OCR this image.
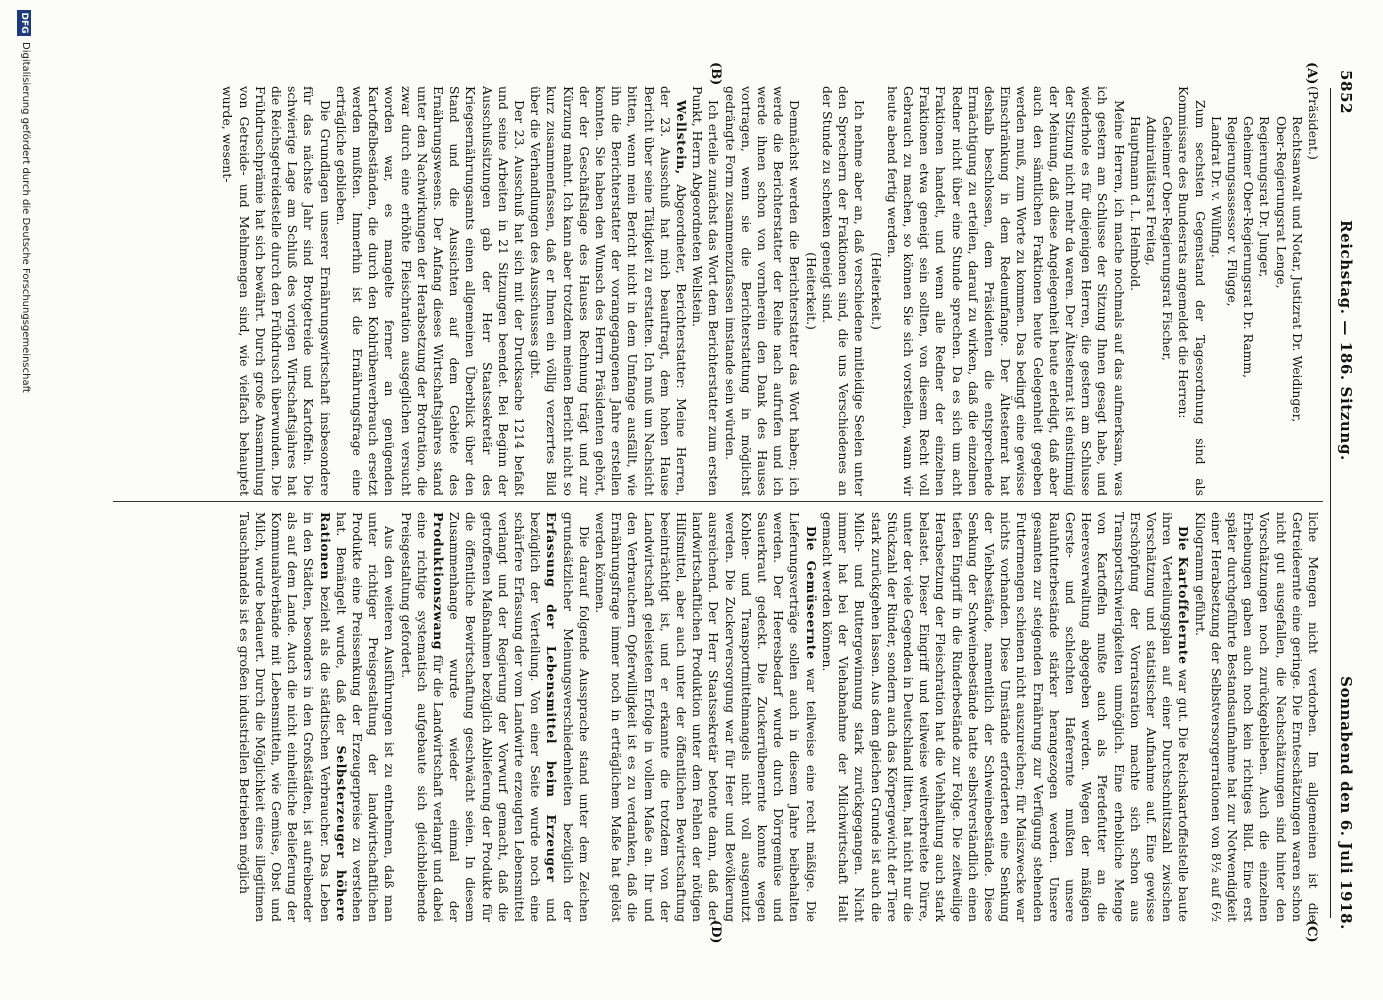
5852
Reichstag. — 186. Sitzung.
Sonnabend den 6. Juli 1918.
(A)
(B)
(C)
(D)

(Präsident.)

Rechtsanwalt und Notar, Justizrat Dr. Weidinger,

Ober-Regierungsrat Lenge,

Regierungsrat Dr. Junger,

Geheimer Ober-Regierungsrat Dr. Ramm,

Regierungsassessor v. Flügge,

Landrat Dr. v. Wülfing.

Zum sechsten Gegenstand der Tagesordnung sind als Kommissare des Bundesrats angemeldet die Herren:

Geheimer Ober-Regierungsrat Fischer,

Admiralitätsrat Freitag,

Hauptmann d. L. Helmbold.

Meine Herren, ich mache nochmals auf das aufmerksam, was ich gestern am Schlusse der Sitzung Ihnen gesagt habe, und wiederhole es für diejenigen Herren, die gestern am Schlusse der Sitzung nicht mehr da waren. Der Ältestenrat ist einstimmig der Meinung, daß diese Angelegenheit heute erledigt, daß aber auch den sämtlichen Fraktionen heute Gelegenheit gegeben werden muß, zum Worte zu kommen. Das bedingt eine gewisse Einschränkung in dem Redeumfange. Der Ältestenrat hat deshalb beschlossen, dem Präsidenten die entsprechende Ermächtigung zu erteilen, darauf zu wirken, daß die einzelnen Redner nicht über eine Stunde sprechen. Da es sich um acht Fraktionen handelt, und wenn alle Redner der einzelnen Fraktionen etwa geneigt sein sollten, von diesem Recht voll Gebrauch zu machen, so können Sie sich vorstellen, wann wir heute abend fertig werden.

(Heiterkeit.)

Ich nehme aber an, daß verschiedene mitleidige Seelen unter den Sprechern der Fraktionen sind, die uns Verschiedenes an der Stunde zu schenken geneigt sind.

(Heiterkeit.)

Demnächst werden die Berichterstatter das Wort haben; ich werde die Berichterstatter der Reihe nach aufrufen und ich werde ihnen schon von vornherein den Dank des Hauses vortragen, wenn sie die Berichterstattung in möglichst gedrängte Form zusammenzufassen imstande sein würden.

Ich erteile zunächst das Wort dem Berichterstatter zum ersten Punkt, Herrn Abgeordneten Wellstein.

Wellstein, Abgeordneter, Berichterstatter: Meine Herren, der 23. Ausschuß hat mich beauftragt, dem hohen Hause Bericht über seine Tätigkeit zu erstatten. Ich muß um Nachsicht bitten, wenn mein Bericht nicht in dem Umfange ausfällt, wie ihn die Berichterstatter der vorangegangenen Jahre erstellen konnten. Sie haben den Wunsch des Herrn Präsidenten gehört, der der Geschäftslage des Hauses Rechnung trägt und zur Kürzung mahnt. Ich kann aber trotzdem meinen Bericht nicht so kurz zusammenfassen, daß er Ihnen ein völlig verzerrtes Bild über die Verhandlungen des Ausschusses gibt.

Der 23. Ausschuß hat sich mit der Drucksache 1214 befaßt und seine Arbeiten in 21 Sitzungen beendet. Bei Beginn der Ausschußsitzungen gab der Herr Staatssekretär des Kriegsernährungsamts einen allgemeinen Überblick über den Stand und die Aussichten auf dem Gebiete des Ernährungswesens. Der Anfang dieses Wirtschaftsjahres stand unter den Nachwirkungen der Herabsetzung der Brotration, die zwar durch eine erhöhte Fleischration ausgeglichen versucht worden war, es mangelte ferner an genügenden Kartoffelbeständen, die durch den Kohlrübenverbrauch ersetzt werden mußten. Immerhin ist die Ernährungsfrage eine erträgliche geblieben.

Die Grundlagen unserer Ernährungswirtschaft insbesondere für das nächste Jahr sind Brotgetreide und Kartoffeln. Die schwierige Lage am Schluß des vorigen Wirtschaftsjahres hat die Reichsgetreidestelle durch den Frühdrusch überwunden. Die Frühdruschprämie hat sich bewährt. Durch große Ansammlung von Getreide- und Mehlmengen sind, wie vielfach behauptet wurde, wesent-

liche Mengen nicht verdorben. Im allgemeinen ist die Getreideernte eine geringe. Die Ernteschätzungen waren schon nicht gut ausgefallen, die Nachschätzungen sind hinter den Vorschätzungen noch zurückgeblieben. Auch die einzelnen Erhebungen gaben auch noch kein richtiges Bild. Eine erst später durchgeführte Bestandsaufnahme hat zur Notwendigkeit einer Herabsetzung der Selbstversorgerrationen von 8½ auf 6½ Kilogramm geführt.

Die Kartoffelernte war gut. Die Reichskartoffelstelle baute ihren Verteilungsplan auf einer Durchschnittszahl zwischen Vorschätzung und statistischer Aufnahme auf. Eine gewisse Erschöpfung der Vorratsration machte sich schon aus Transportschwierigkeiten unmöglich. Eine erhebliche Menge von Kartoffeln mußte auch als Pferdefutter an die Heeresverwaltung abgegeben werden. Wegen der mäßigen Gerste- und schlechten Haferernte mußten unsere Rauhfutterbestände stärker herangezogen werden. Unsere gesamten zur steigenden Ernährung zur Verfügung stehenden Futtermengen schienen nicht auszureichen; für Maiszwecke war nichts vorhanden. Diese Umstände erforderten eine Senkung der Viehbestände, namentlich der Schweinebestände. Diese Senkung der Schweinebestände hatte selbstverständlich einen tiefen Eingriff in die Rinderbestände zur Folge. Die zeitweilige Herabsetzung der Fleischration hat die Viehhaltung auch stark belastet. Dieser Eingriff und teilweise weitverbreitete Dürre, unter der viele Gegenden in Deutschland litten, hat nicht nur die Stückzahl der Rinder, sondern auch das Körpergewicht der Tiere stark zurückgehen lassen. Aus dem gleichen Grunde ist auch die Milch- und Buttergewinnung stark zurückgegangen. Nicht immer hat bei der Viehabnahme der Milchwirtschaft Halt gemacht werden können.

Die Gemüseernte war teilweise eine recht mäßige. Die Lieferungsverträge sollen auch in diesem Jahre beibehalten werden. Der Heeresbedarf wurde durch Dörrgemüse und Sauerkraut gedeckt. Die Zuckerrübenernte konnte wegen Kohlen- und Transportmittelmangels nicht voll ausgenutzt werden. Die Zuckerversorgung war für Heer und Bevölkerung ausreichend. Der Herr Staatssekretär betonte dann, daß der landwirtschaftlichen Produktion unter dem Fehlen der nötigen Hilfsmittel, aber auch unter der öffentlichen Bewirtschaftung beeinträchtigt ist, und er erkannte die trotzdem von der Landwirtschaft geleisteten Erfolge in vollem Maße an. Ihr und den Verbrauchern Opferwilligkeit ist es zu verdanken, daß die Ernährungsfrage immer noch in erträglichem Maße hat gelöst werden können.

Die darauf folgende Aussprache stand unter dem Zeichen grundsätzlicher Meinungsverschiedenheiten bezüglich der Erfassung der Lebensmittel beim Erzeuger und bezüglich der Verteilung. Von einer Seite wurde noch eine schärfere Erfassung der vom Landwirte erzeugten Lebensmittel verlangt und der Regierung der Vorwurf gemacht, daß die getroffenen Maßnahmen bezüglich Ablieferung der Produkte für die öffentliche Bewirtschaftung geschwächt seien. In diesem Zusammenhange wurde wieder einmal der Produktionszwang für die Landwirtschaft verlangt und dabei eine richtige systematisch aufgebaute sich gleichbleibende Preisgestaltung gefordert.

Aus den weiteren Ausführungen ist zu entnehmen, daß man unter richtiger Preisgestaltung der landwirtschaftlichen Produkte eine Preissenkung der Erzeugerpreise zu verstehen hat. Bemängelt wurde, daß der Selbsterzeuger höhere Rationen bezieht als die städtischen Verbraucher. Das Leben in den Städten, besonders in den Großstädten, ist aufreibender als auf dem Lande. Auch die nicht einheitliche Belieferung der Kommunalverbände mit Lebensmitteln, wie Gemüse, Obst und Milch, wurde bedauert. Durch die Möglichkeit eines illegitimen Tauschhandels ist es großen industriellen Betrieben möglich

DFG
Digitalisierung gefördert durch die Deutsche Forschungsgemeinschaft
